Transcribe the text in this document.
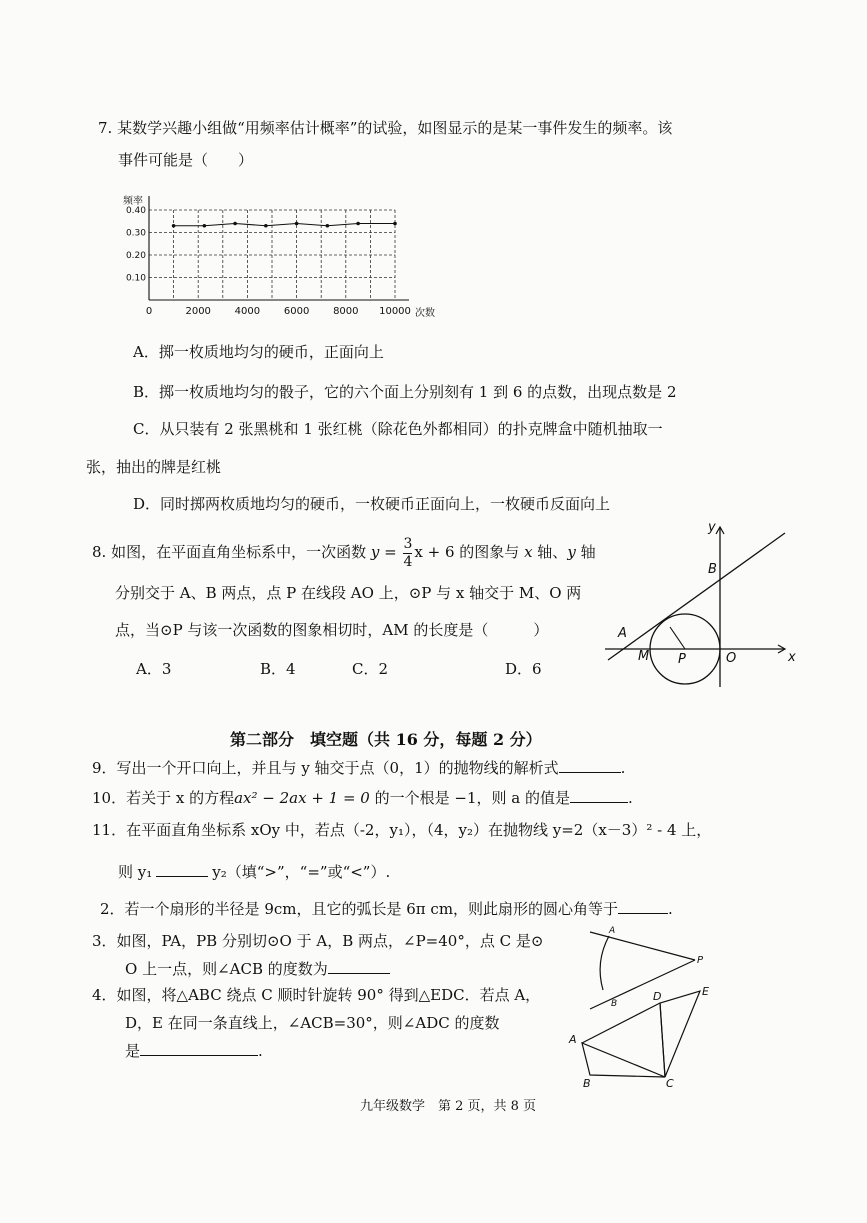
7. 某数学兴趣小组做“用频率估计概率”的试验，如图显示的是某一事件发生的频率。该
事件可能是（　　）
0	2000 4000 6000 8000 10000
0.10
0.20
0.30
0.40
频率
次数
A．掷一枚质地均匀的硬币，正面向上
B．掷一枚质地均匀的骰子，它的六个面上分别刻有 1 到 6 的点数，出现点数是 2
C．从只装有 2 张黑桃和 1 张红桃（除花色外都相同）的扑克牌盒中随机抽取一
张，抽出的牌是红桃
D．同时掷两枚质地均匀的硬币，一枚硬币正面向上，一枚硬币反面向上
8. 如图，在平面直角坐标系中，一次函数 $y = \frac{3}{4}$ x + 6 的图象与 x 轴、y 轴
分别交于 A、B 两点，点 P 在线段 AO 上，⊙P 与 x 轴交于 M、O 两
点，当⊙P 与该一次函数的图象相切时，AM 的长度是（　　　）
A．3	B．4	C．2	D．6
y
B
A
M P	O	x
第二部分　填空题（共 16 分，每题 2 分）
9．写出一个开口向上，并且与 y 轴交于点（0，1）的抛物线的解析式	.
10．若关于 x 的方程ax² − 2ax + 1 = 0 的一个根是 −1，则 a 的值是	.
11．在平面直角坐标系 xOy 中，若点（-2，y₁），（4，y₂）在抛物线 y=2（x－3）² - 4 上，
则 y₁	y₂（填“>”，“=”或“<”）.
2．若一个扇形的半径是 9cm，且它的弧长是 6π cm，则此扇形的圆心角等于	.
3．如图，PA，PB 分别切⊙O 于 A，B 两点，∠P=40°，点 C 是⊙
O 上一点，则∠ACB 的度数为
A
B
P
4．如图，将△ABC 绕点 C 顺时针旋转 90° 得到△EDC．若点 A，
D，E 在同一条直线上，∠ACB=30°，则∠ADC 的度数
是	.
A
B	C
D	E
九年级数学　第 2 页，共 8 页
